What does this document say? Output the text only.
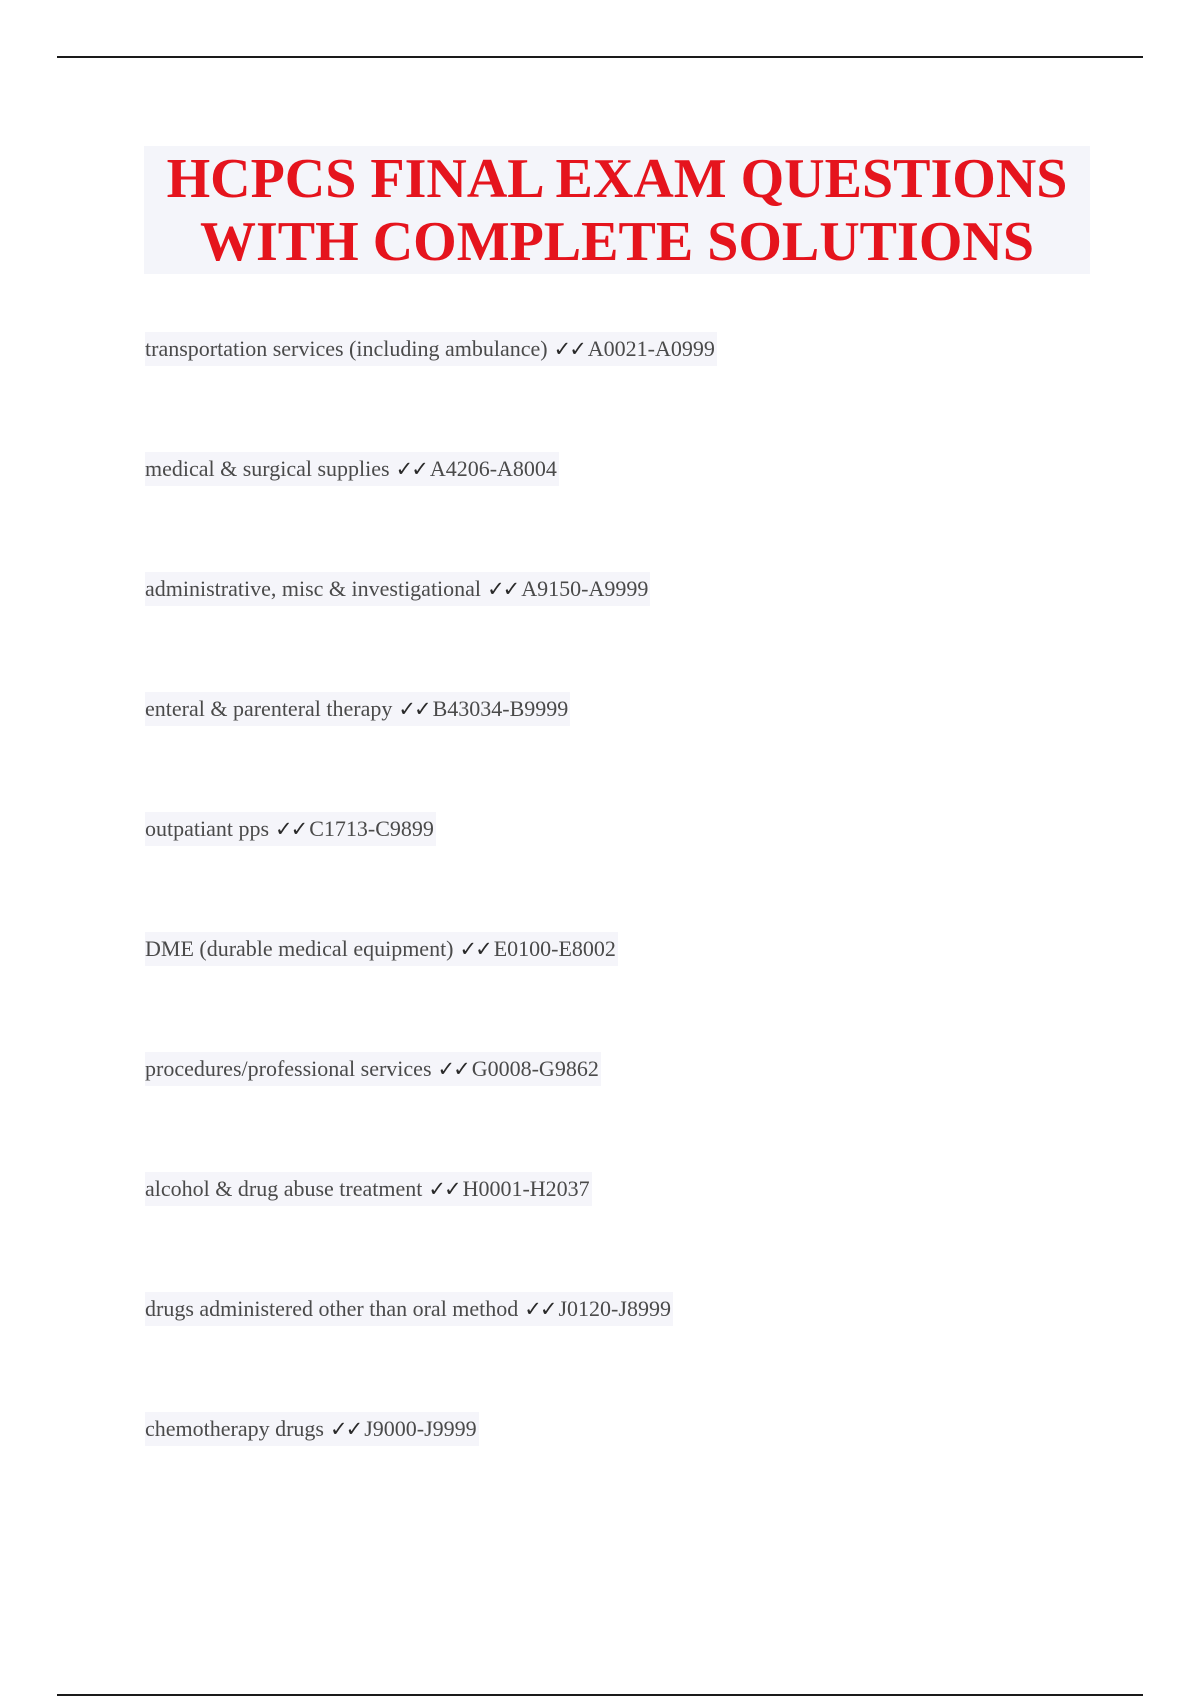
HCPCS FINAL EXAM QUESTIONS
WITH COMPLETE SOLUTIONS
transportation services (including ambulance) ✓✓ A0021-A0999
medical & surgical supplies ✓✓ A4206-A8004
administrative, misc & investigational ✓✓ A9150-A9999
enteral & parenteral therapy ✓✓ B43034-B9999
outpatiant pps ✓✓ C1713-C9899
DME (durable medical equipment) ✓✓ E0100-E8002
procedures/professional services ✓✓ G0008-G9862
alcohol & drug abuse treatment ✓✓ H0001-H2037
drugs administered other than oral method ✓✓ J0120-J8999
chemotherapy drugs ✓✓ J9000-J9999
